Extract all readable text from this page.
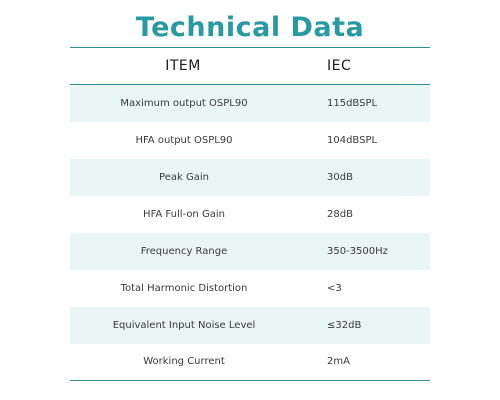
Technical Data
ITEM	IEC
Maximum output OSPL90	115dBSPL
HFA output OSPL90	104dBSPL
Peak Gain	30dB
HFA Full-on Gain	28dB
Frequency Range	350-3500Hz
Total Harmonic Distortion	<3
Equivalent Input Noise Level	≤32dB
Working Current	2mA
